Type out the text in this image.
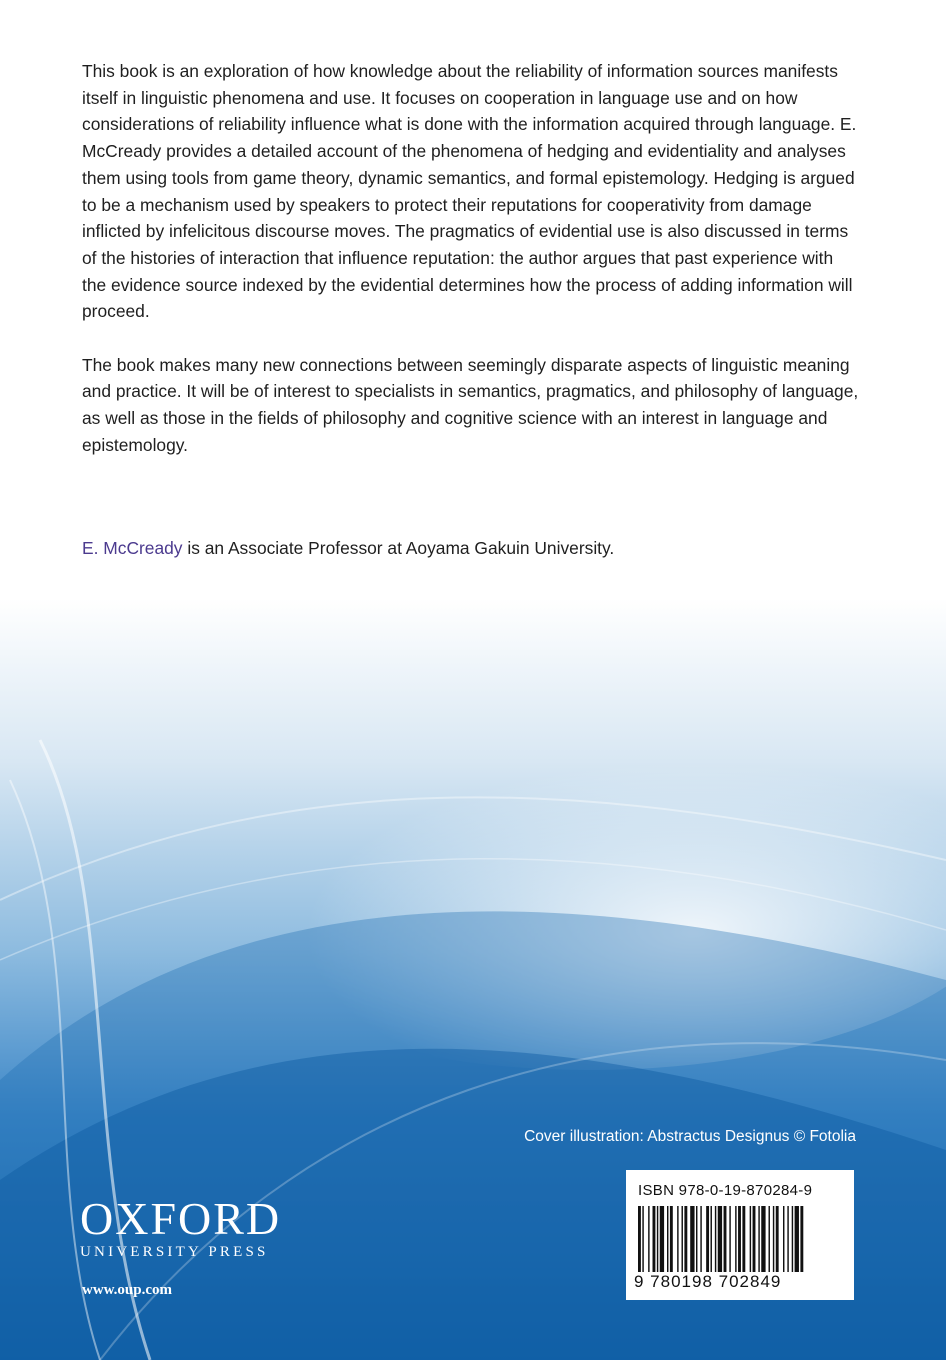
This book is an exploration of how knowledge about the reliability of information sources manifests itself in linguistic phenomena and use. It focuses on cooperation in language use and on how considerations of reliability influence what is done with the information acquired through language. E. McCready provides a detailed account of the phenomena of hedging and evidentiality and analyses them using tools from game theory, dynamic semantics, and formal epistemology. Hedging is argued to be a mechanism used by speakers to protect their reputations for cooperativity from damage inflicted by infelicitous discourse moves. The pragmatics of evidential use is also discussed in terms of the histories of interaction that influence reputation: the author argues that past experience with the evidence source indexed by the evidential determines how the process of adding information will proceed.

The book makes many new connections between seemingly disparate aspects of linguistic meaning and practice. It will be of interest to specialists in semantics, pragmatics, and philosophy of language, as well as those in the fields of philosophy and cognitive science with an interest in language and epistemology.

E. McCready is an Associate Professor at Aoyama Gakuin University.

Cover illustration: Abstractus Designus © Fotolia
ISBN 978-0-19-870284-9
9 780198 702849
OXFORD
UNIVERSITY PRESS
www.oup.com
